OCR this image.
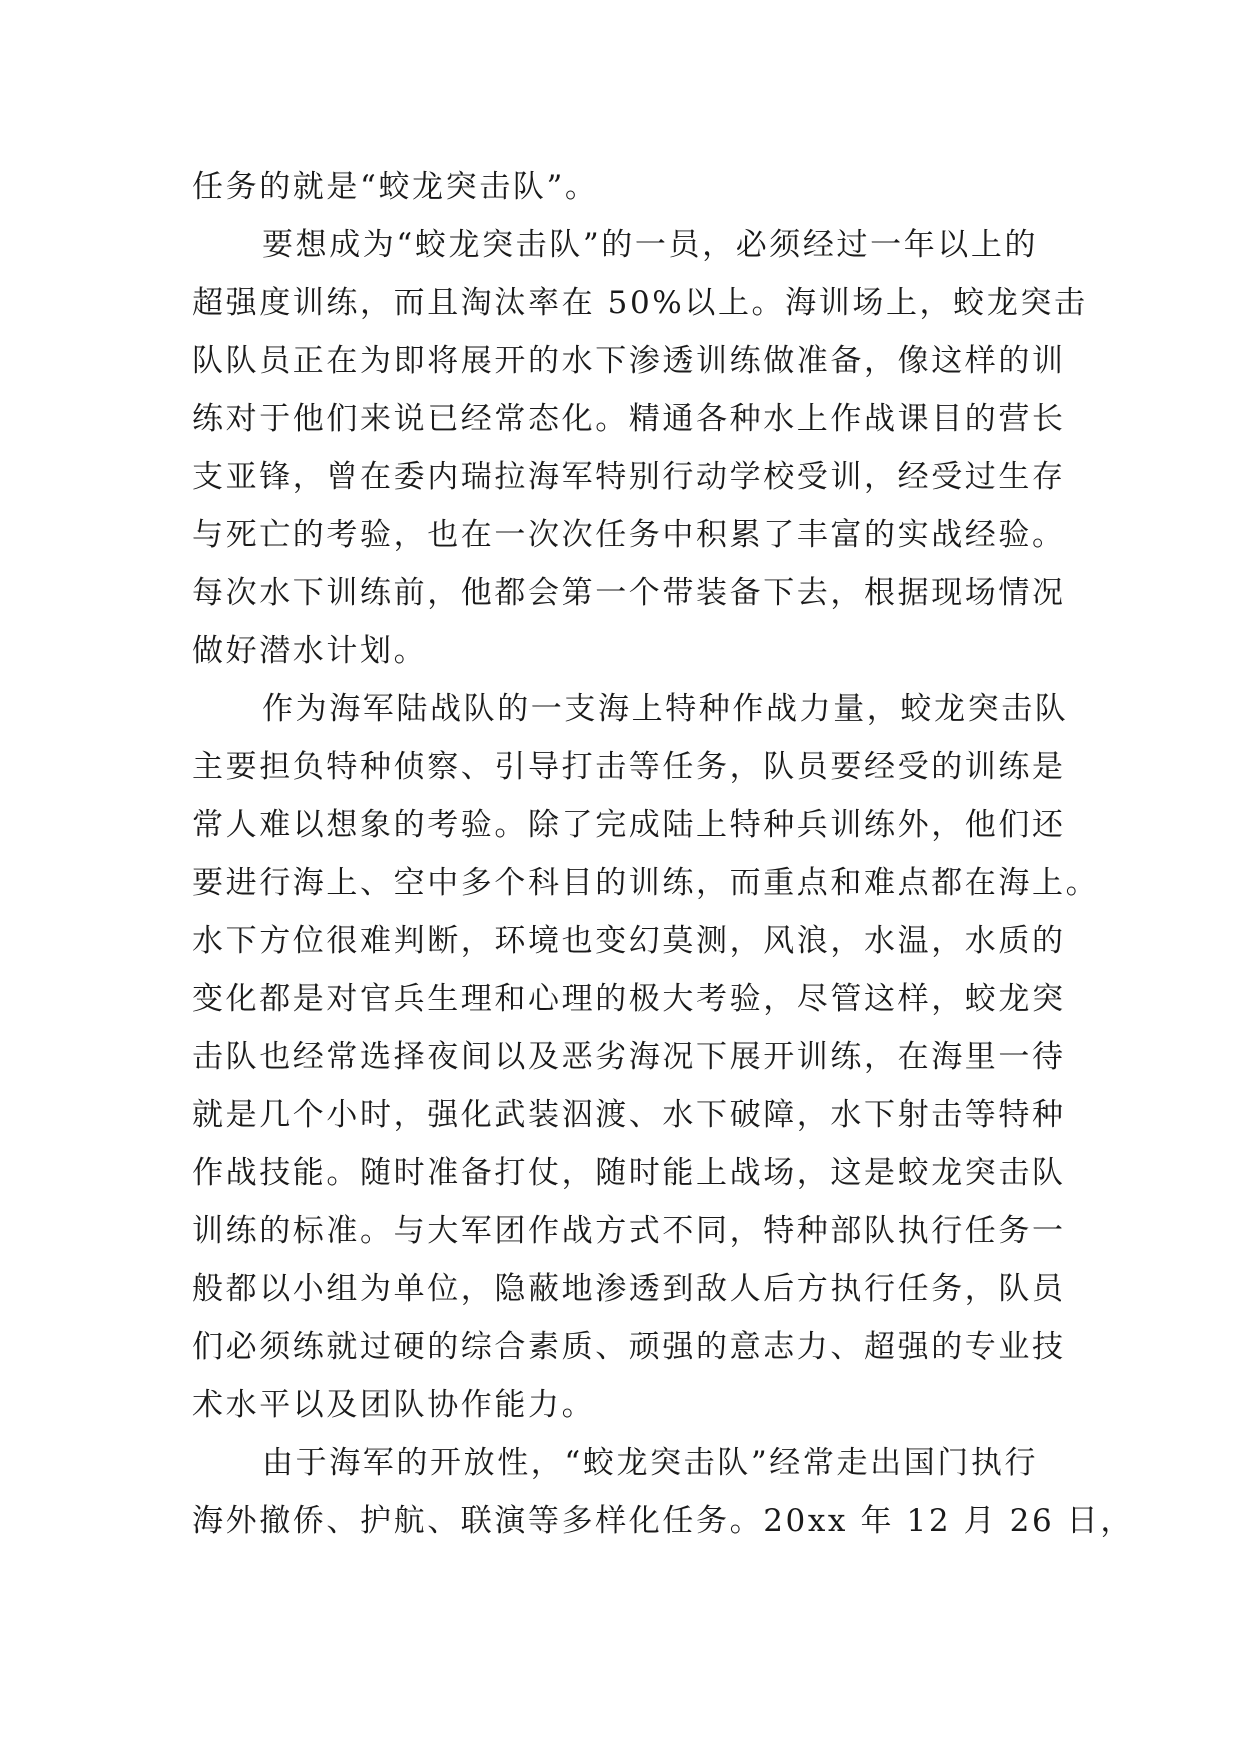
任务的就是“蛟龙突击队”。
要想成为“蛟龙突击队”的一员，必须经过一年以上的
超强度训练，而且淘汰率在 50%以上。海训场上，蛟龙突击
队队员正在为即将展开的水下渗透训练做准备，像这样的训
练对于他们来说已经常态化。精通各种水上作战课目的营长
支亚锋，曾在委内瑞拉海军特别行动学校受训，经受过生存
与死亡的考验，也在一次次任务中积累了丰富的实战经验。
每次水下训练前，他都会第一个带装备下去，根据现场情况
做好潜水计划。
作为海军陆战队的一支海上特种作战力量，蛟龙突击队
主要担负特种侦察、引导打击等任务，队员要经受的训练是
常人难以想象的考验。除了完成陆上特种兵训练外，他们还
要进行海上、空中多个科目的训练，而重点和难点都在海上。
水下方位很难判断，环境也变幻莫测，风浪，水温，水质的
变化都是对官兵生理和心理的极大考验，尽管这样，蛟龙突
击队也经常选择夜间以及恶劣海况下展开训练，在海里一待
就是几个小时，强化武装泅渡、水下破障，水下射击等特种
作战技能。随时准备打仗，随时能上战场，这是蛟龙突击队
训练的标准。与大军团作战方式不同，特种部队执行任务一
般都以小组为单位，隐蔽地渗透到敌人后方执行任务，队员
们必须练就过硬的综合素质、顽强的意志力、超强的专业技
术水平以及团队协作能力。
由于海军的开放性，“蛟龙突击队”经常走出国门执行
海外撤侨、护航、联演等多样化任务。20xx 年 12 月 26 日，
